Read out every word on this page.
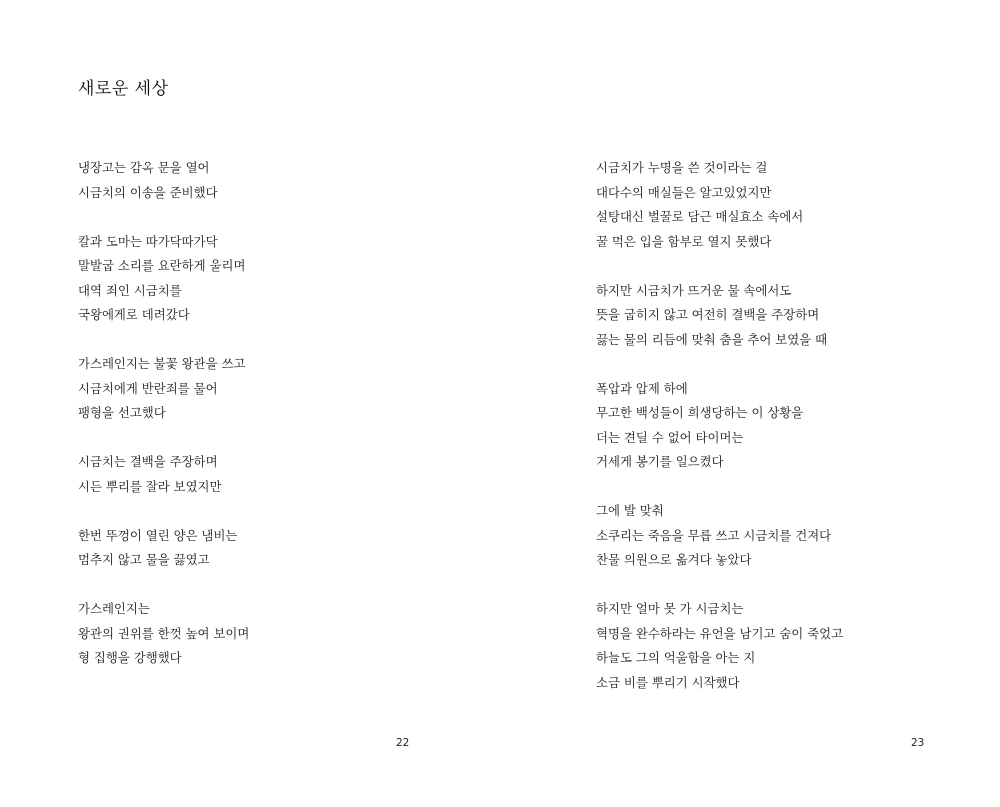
새로운 세상
냉장고는 감옥 문을 열어
시금치의 이송을 준비했다
칼과 도마는 따가닥따가닥
말발굽 소리를 요란하게 울리며
대역 죄인 시금치를
국왕에게로 데려갔다
가스레인지는 불꽃 왕관을 쓰고
시금치에게 반란죄를 물어
팽형을 선고했다
시금치는 결백을 주장하며
시든 뿌리를 잘라 보였지만
한번 뚜껑이 열린 양은 냄비는
멈추지 않고 물을 끓였고
가스레인지는
왕관의 권위를 한껏 높여 보이며
형 집행을 강행했다
22	23
시금치가 누명을 쓴 것이라는 걸
대다수의 매실들은 알고있었지만
설탕대신 벌꿀로 담근 매실효소 속에서
꿀 먹은 입을 함부로 열지 못했다
하지만 시금치가 뜨거운 물 속에서도
뜻을 굽히지 않고 여전히 결백을 주장하며
끓는 물의 리듬에 맞춰 춤을 추어 보였을 때
폭압과 압제 하에
무고한 백성들이 희생당하는 이 상황을
더는 견딜 수 없어 타이머는
거세게 봉기를 일으켰다
그에 발 맞춰
소쿠리는 죽음을 무릅 쓰고 시금치를 건져다
찬물 의원으로 옮겨다 놓았다
하지만 얼마 못 가 시금치는
혁명을 완수하라는 유언을 남기고 숨이 죽었고
하늘도 그의 억울함을 아는 지
소금 비를 뿌리기 시작했다
